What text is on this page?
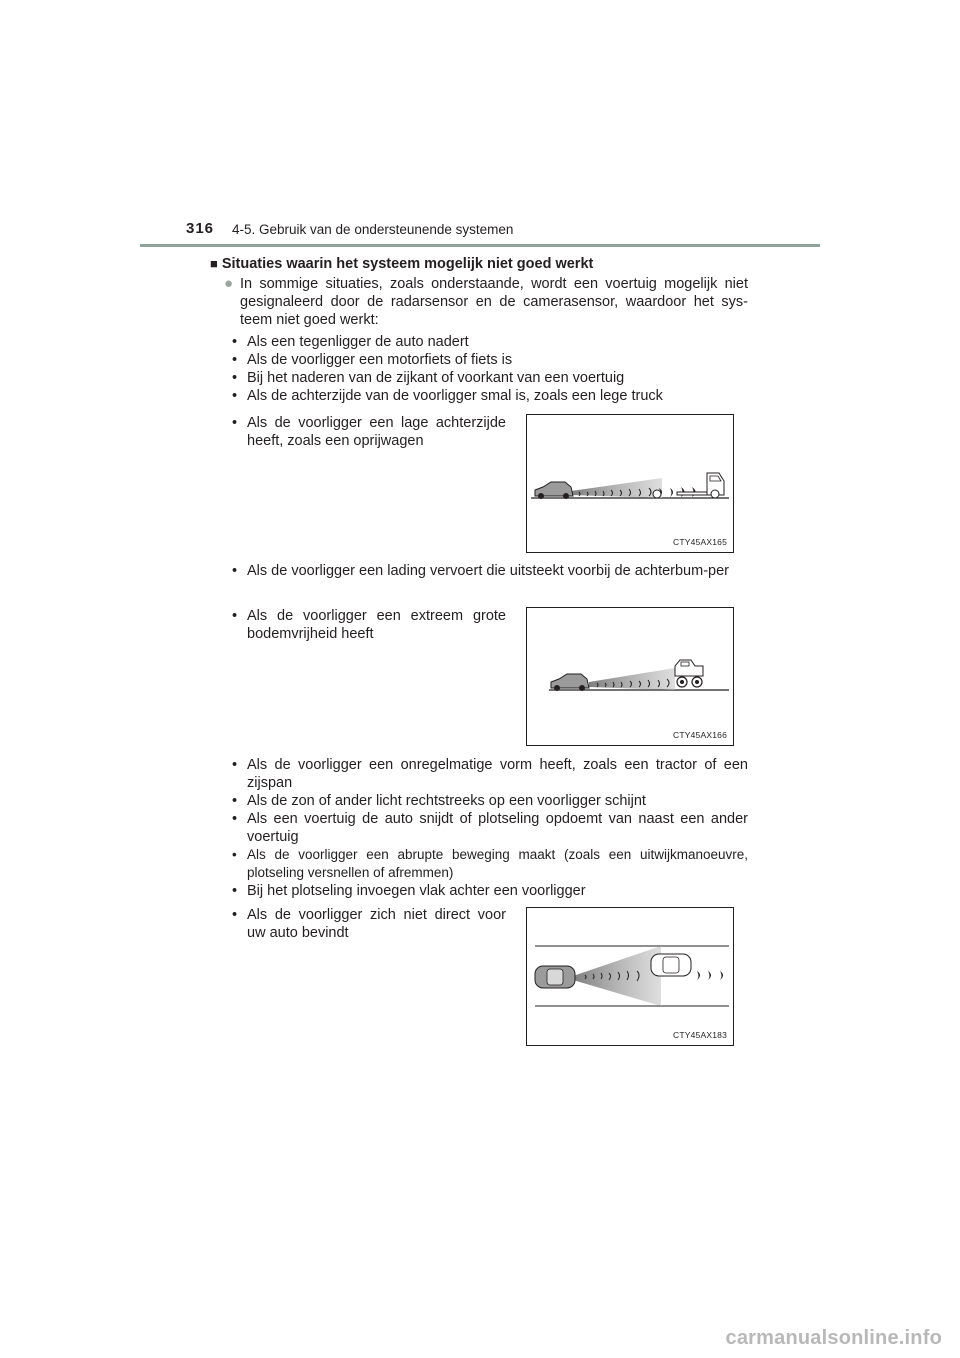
316 4-5. Gebruik van de ondersteunende systemen
■ Situaties waarin het systeem mogelijk niet goed werkt
● In sommige situaties, zoals onderstaande, wordt een voertuig mogelijk niet gesignaleerd door de radarsensor en de camerasensor, waardoor het sys-teem niet goed werkt:
• Als een tegenligger de auto nadert
• Als de voorligger een motorfiets of fiets is
• Bij het naderen van de zijkant of voorkant van een voertuig
• Als de achterzijde van de voorligger smal is, zoals een lege truck
• Als de voorligger een lage achterzijde heeft, zoals een oprijwagen
CTY45AX165
• Als de voorligger een lading vervoert die uitsteekt voorbij de achterbum-per
• Als de voorligger een extreem grote bodemvrijheid heeft
CTY45AX166
• Als de voorligger een onregelmatige vorm heeft, zoals een tractor of een zijspan
• Als de zon of ander licht rechtstreeks op een voorligger schijnt
• Als een voertuig de auto snijdt of plotseling opdoemt van naast een ander voertuig
• Als de voorligger een abrupte beweging maakt (zoals een uitwijkmanoeuvre, plotseling versnellen of afremmen)
• Bij het plotseling invoegen vlak achter een voorligger
• Als de voorligger zich niet direct voor uw auto bevindt
CTY45AX183
carmanualsonline.info
